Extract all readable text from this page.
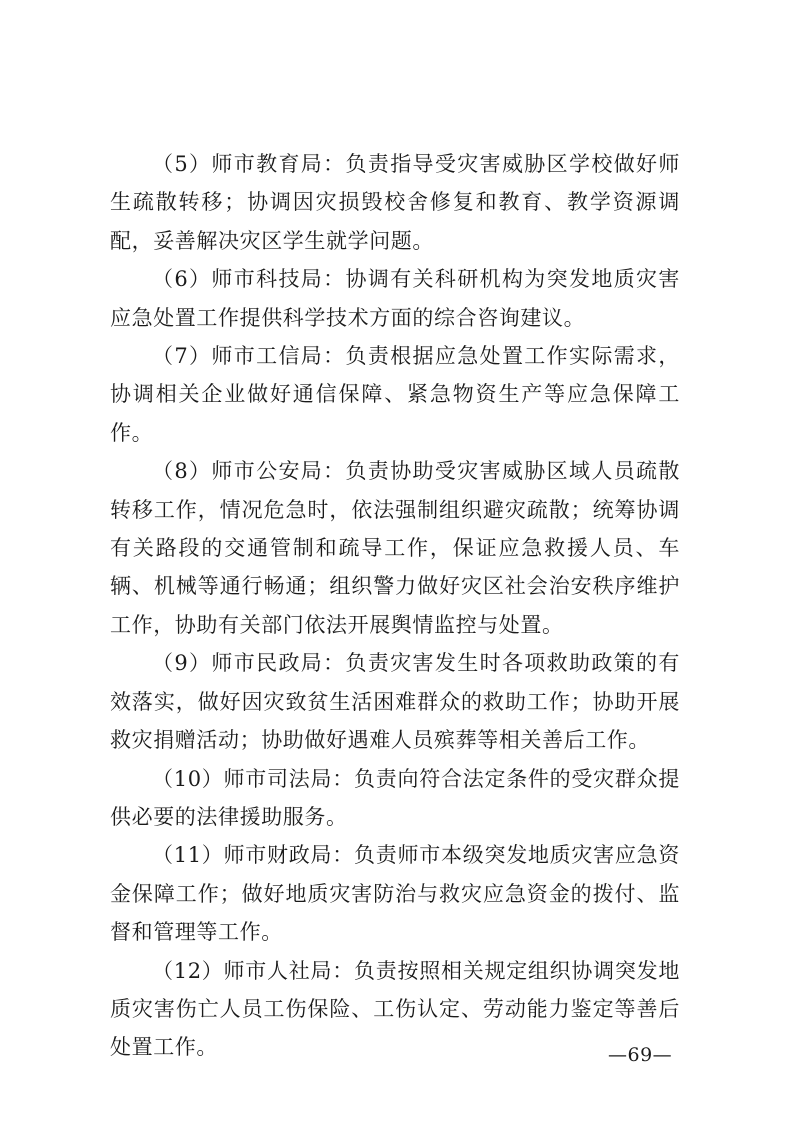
（5）师市教育局：负责指导受灾害威胁区学校做好师生疏散转移；协调因灾损毁校舍修复和教育、教学资源调配，妥善解决灾区学生就学问题。

（6）师市科技局：协调有关科研机构为突发地质灾害应急处置工作提供科学技术方面的综合咨询建议。

（7）师市工信局：负责根据应急处置工作实际需求，协调相关企业做好通信保障、紧急物资生产等应急保障工作。

（8）师市公安局：负责协助受灾害威胁区域人员疏散转移工作，情况危急时，依法强制组织避灾疏散；统筹协调有关路段的交通管制和疏导工作，保证应急救援人员、车辆、机械等通行畅通；组织警力做好灾区社会治安秩序维护工作，协助有关部门依法开展舆情监控与处置。

（9）师市民政局：负责灾害发生时各项救助政策的有效落实，做好因灾致贫生活困难群众的救助工作；协助开展救灾捐赠活动；协助做好遇难人员殡葬等相关善后工作。

（10）师市司法局：负责向符合法定条件的受灾群众提供必要的法律援助服务。

（11）师市财政局：负责师市本级突发地质灾害应急资金保障工作；做好地质灾害防治与救灾应急资金的拨付、监督和管理等工作。

（12）师市人社局：负责按照相关规定组织协调突发地质灾害伤亡人员工伤保险、工伤认定、劳动能力鉴定等善后处置工作。	—69—
